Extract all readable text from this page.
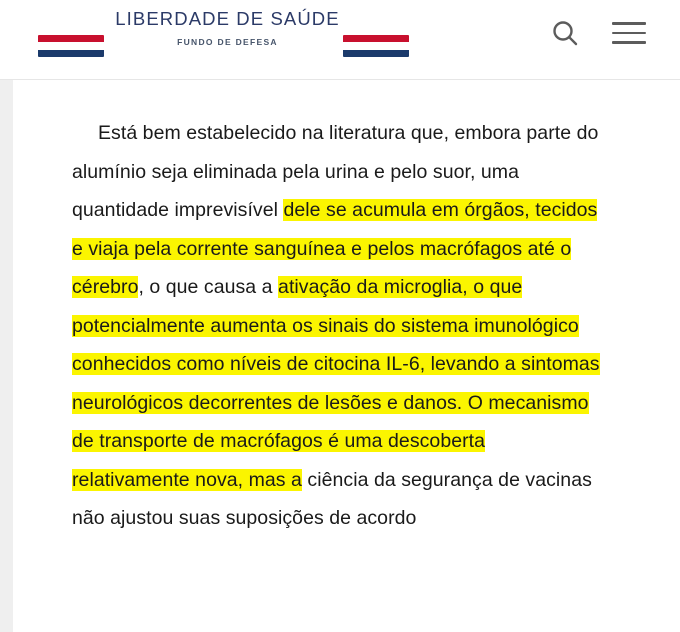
LIBERDADE DE SAÚDE
FUNDO DE DEFESA

Está bem estabelecido na literatura que, embora parte do alumínio seja eliminada pela urina e pelo suor, uma quantidade imprevisível dele se acumula em órgãos, tecidos e viaja pela corrente sanguínea e pelos macrófagos até o cérebro, o que causa a ativação da microglia, o que potencialmente aumenta os sinais do sistema imunológico conhecidos como níveis de citocina IL-6, levando a sintomas neurológicos decorrentes de lesões e danos. O mecanismo de transporte de macrófagos é uma descoberta relativamente nova, mas a ciência da segurança de vacinas não ajustou suas suposições de acordo
